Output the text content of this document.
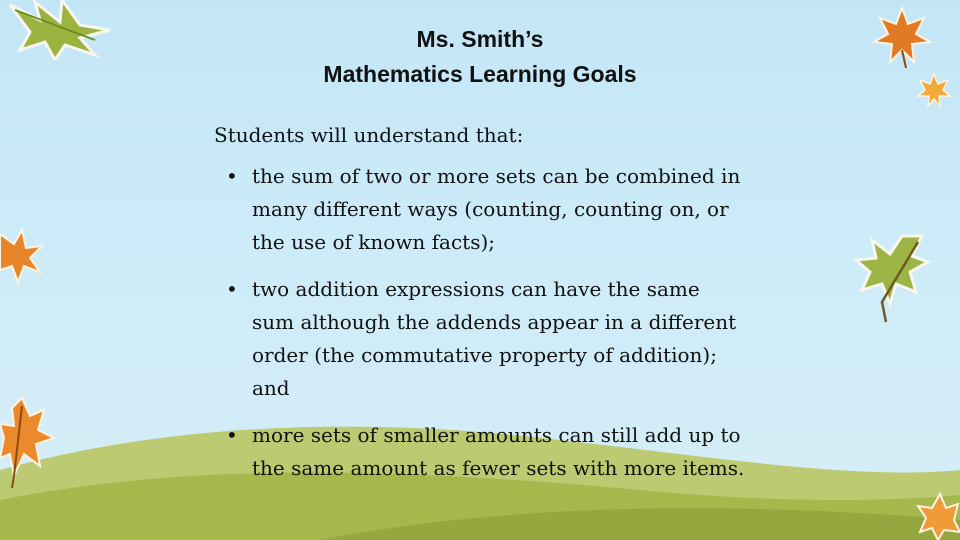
Ms. Smith’s
Mathematics Learning Goals

Students will understand that:

• the sum of two or more sets can be combined in
many different ways (counting, counting on, or
the use of known facts);
• two addition expressions can have the same
sum although the addends appear in a different
order (the commutative property of addition);
and
• more sets of smaller amounts can still add up to
the same amount as fewer sets with more items.
